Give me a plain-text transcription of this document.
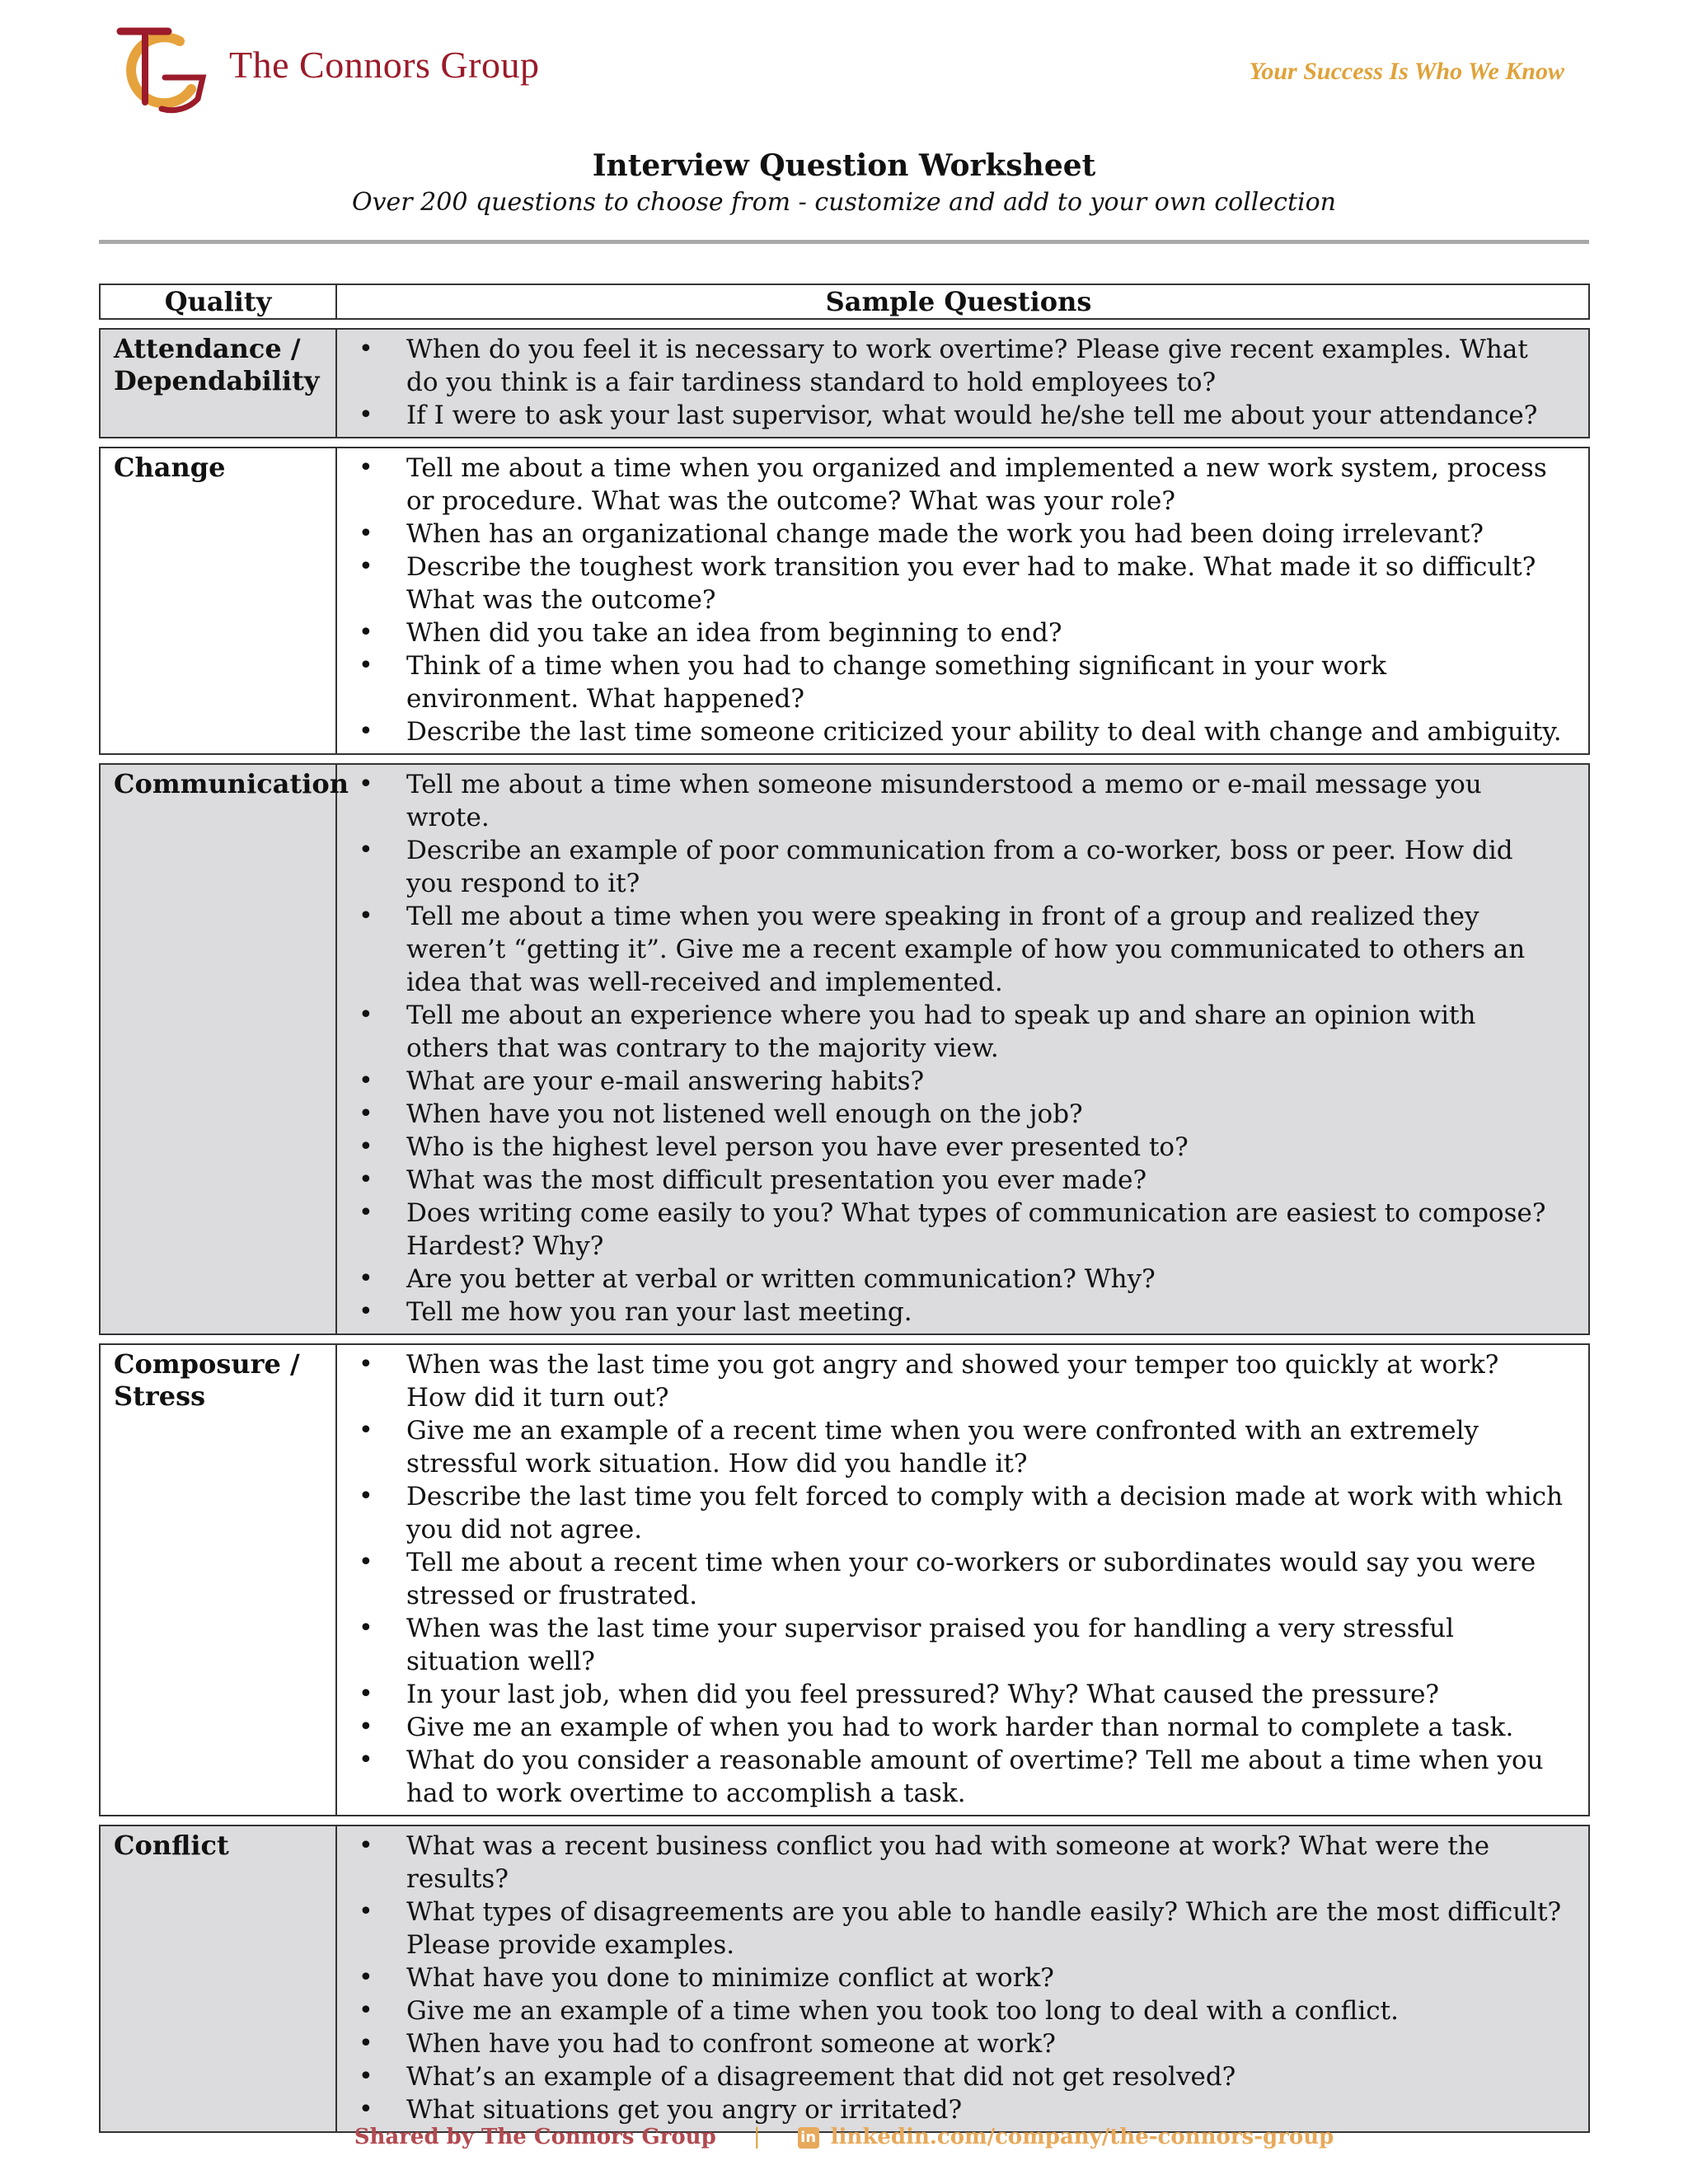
The Connors Group	Your Success Is Who We Know
Interview Question Worksheet
Over 200 questions to choose from - customize and add to your own collection
Quality	Sample Questions
Attendance / Dependability
• When do you feel it is necessary to work overtime? Please give recent examples. What do you think is a fair tardiness standard to hold employees to?
• If I were to ask your last supervisor, what would he/she tell me about your attendance?
Change	• Tell me about a time when you organized and implemented a new work system, process or procedure. What was the outcome? What was your role?
• When has an organizational change made the work you had been doing irrelevant?
• Describe the toughest work transition you ever had to make. What made it so difficult? What was the outcome?
• When did you take an idea from beginning to end?
• Think of a time when you had to change something significant in your work environment. What happened?
• Describe the last time someone criticized your ability to deal with change and ambiguity.
Communication	• Tell me about a time when someone misunderstood a memo or e-mail message you wrote.
• Describe an example of poor communication from a co-worker, boss or peer. How did you respond to it?
• Tell me about a time when you were speaking in front of a group and realized they weren’t “getting it”. Give me a recent example of how you communicated to others an idea that was well-received and implemented.
• Tell me about an experience where you had to speak up and share an opinion with others that was contrary to the majority view.
• What are your e-mail answering habits?
• When have you not listened well enough on the job?
• Who is the highest level person you have ever presented to?
• What was the most difficult presentation you ever made?
• Does writing come easily to you? What types of communication are easiest to compose? Hardest? Why?
• Are you better at verbal or written communication? Why?
• Tell me how you ran your last meeting.
Composure / Stress
• When was the last time you got angry and showed your temper too quickly at work? How did it turn out?
• Give me an example of a recent time when you were confronted with an extremely stressful work situation. How did you handle it?
• Describe the last time you felt forced to comply with a decision made at work with which you did not agree.
• Tell me about a recent time when your co-workers or subordinates would say you were stressed or frustrated.
• When was the last time your supervisor praised you for handling a very stressful situation well?
• In your last job, when did you feel pressured? Why? What caused the pressure?
• Give me an example of when you had to work harder than normal to complete a task.
• What do you consider a reasonable amount of overtime? Tell me about a time when you had to work overtime to accomplish a task.
Conflict	• What was a recent business conflict you had with someone at work? What were the results?
• What types of disagreements are you able to handle easily? Which are the most difficult? Please provide examples.
• What have you done to minimize conflict at work?
• Give me an example of a time when you took too long to deal with a conflict.
• When have you had to confront someone at work?
• What’s an example of a disagreement that did not get resolved?
• What situations get you angry or irritated?
Shared by The Connors Group |	in linkedin.com/company/the-connors-group
